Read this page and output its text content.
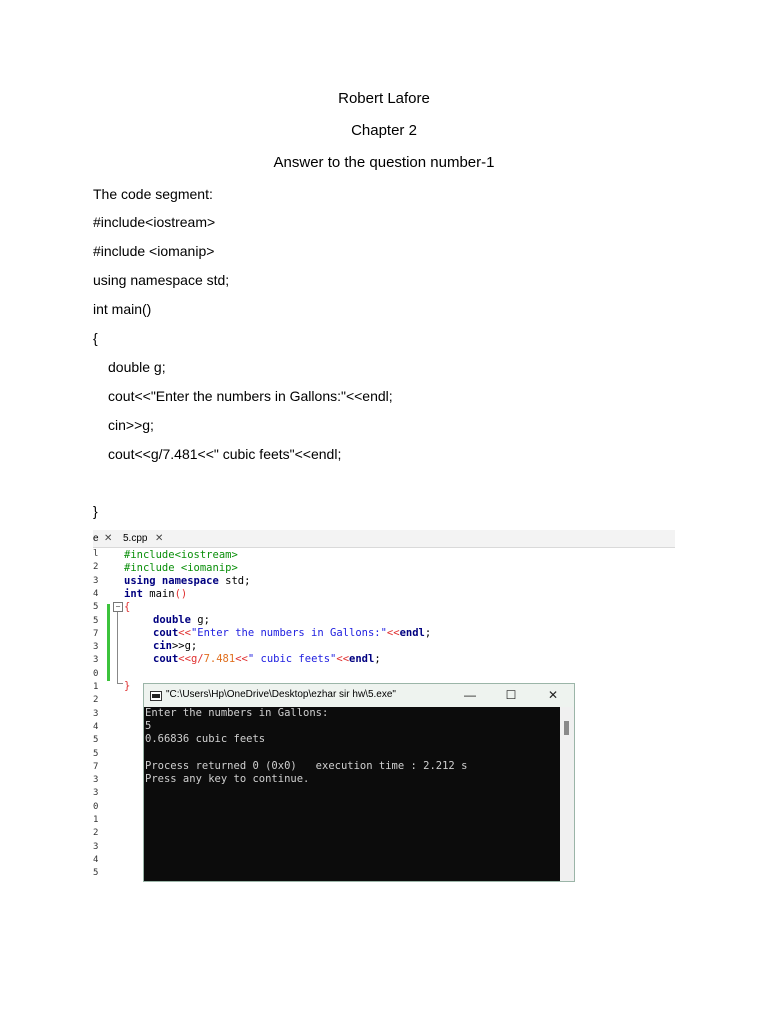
Robert Lafore
Chapter 2
Answer to the question number-1
The code segment:
#include<iostream>
#include <iomanip>
using namespace std;
int main()
{
double g;
cout<<"Enter the numbers in Gallons:"<<endl;
cin>>g;
cout<<g/7.481<<" cubic feets"<<endl;
}
e ✕ 5.cpp ✕
l
2
3
4
5
5
7
3
3
0
1
2
3
4
5
5
7
3
3
0
1
2
3
4
5
−
#include<iostream>
#include <iomanip>
using namespace std;
int main()
{
double g;
cout<<"Enter the numbers in Gallons:"<<endl;
cin>>g;
cout<<g/7.481<<" cubic feets"<<endl;
}
"C:\Users\Hp\OneDrive\Desktop\ezhar sir hw\5.exe"	— ☐	✕
Enter the numbers in Gallons:
5
0.66836 cubic feets
Process returned 0 (0x0)   execution time : 2.212 s
Press any key to continue.
